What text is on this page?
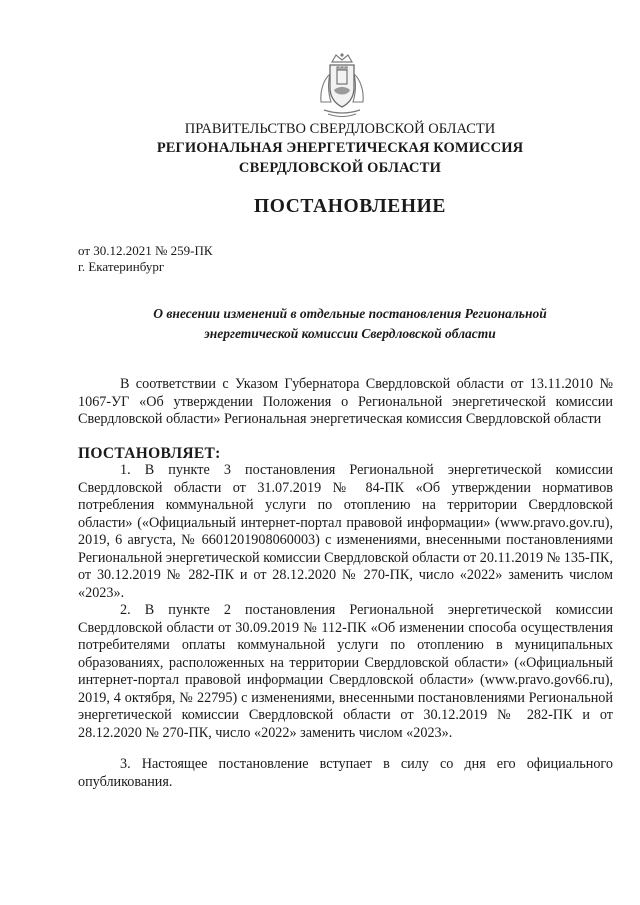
ПРАВИТЕЛЬСТВО СВЕРДЛОВСКОЙ ОБЛАСТИ
РЕГИОНАЛЬНАЯ ЭНЕРГЕТИЧЕСКАЯ КОМИССИЯ
СВЕРДЛОВСКОЙ ОБЛАСТИ
ПОСТАНОВЛЕНИЕ
от 30.12.2021 № 259-ПК
г. Екатеринбург
О внесении изменений в отдельные постановления Региональной энергетической комиссии Свердловской области
В соответствии с Указом Губернатора Свердловской области от 13.11.2010 № 1067-УГ «Об утверждении Положения о Региональной энергетической комиссии Свердловской области» Региональная энергетическая комиссия Свердловской области
ПОСТАНОВЛЯЕТ:
1. В пункте 3 постановления Региональной энергетической комиссии Свердловской области от 31.07.2019 № 84-ПК «Об утверждении нормативов потребления коммунальной услуги по отоплению на территории Свердловской области» («Официальный интернет-портал правовой информации» (www.pravo.gov.ru), 2019, 6 августа, № 6601201908060003) с изменениями, внесенными постановлениями Региональной энергетической комиссии Свердловской области от 20.11.2019 № 135-ПК, от 30.12.2019 № 282-ПК и от 28.12.2020 № 270-ПК, число «2022» заменить числом «2023».
2. В пункте 2 постановления Региональной энергетической комиссии Свердловской области от 30.09.2019 № 112-ПК «Об изменении способа осуществления потребителями оплаты коммунальной услуги по отоплению в муниципальных образованиях, расположенных на территории Свердловской области» («Официальный интернет-портал правовой информации Свердловской области» (www.pravo.gov66.ru), 2019, 4 октября, № 22795) с изменениями, внесенными постановлениями Региональной энергетической комиссии Свердловской области от 30.12.2019 № 282-ПК и от 28.12.2020 № 270-ПК, число «2022» заменить числом «2023».
3. Настоящее постановление вступает в силу со дня его официального опубликования.
